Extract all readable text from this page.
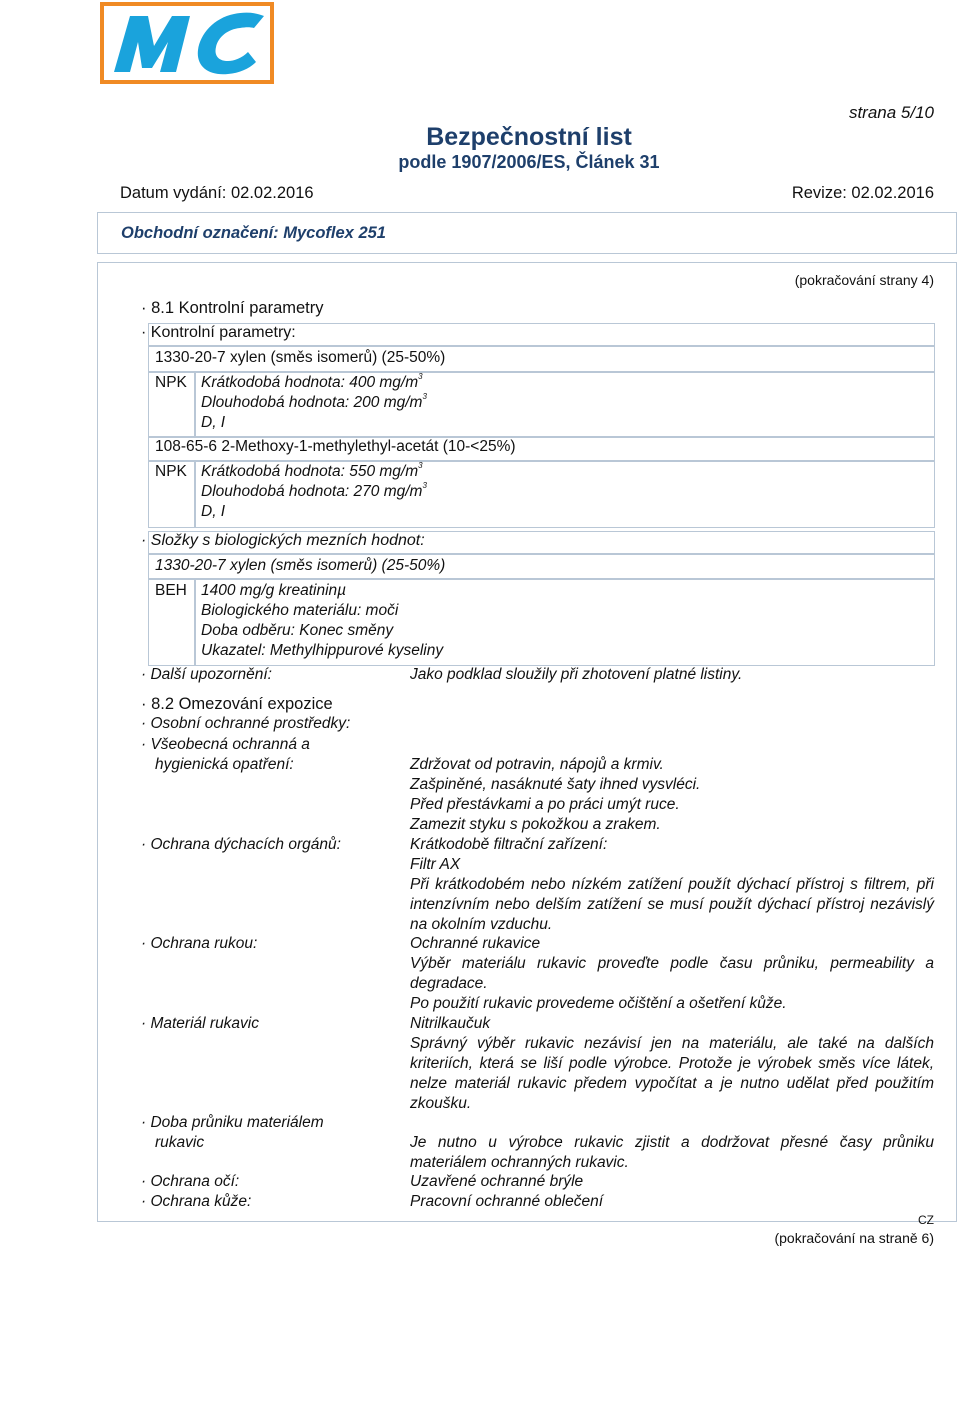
strana 5/10
Bezpečnostní list
podle 1907/2006/ES, Článek 31
Datum vydání: 02.02.2016	Revize: 02.02.2016
Obchodní označení: Mycoflex 251
(pokračování strany 4)
· 8.1 Kontrolní parametry
· Kontrolní parametry:
1330-20-7 xylen (směs isomerů) (25-50%)
NPK Krátkodobá hodnota: 400 $mg/m^3$
Dlouhodobá hodnota: 200 $mg/m^3$
D, I
108-65-6 2-Methoxy-1-methylethyl-acetát (10-<25%)
NPK Krátkodobá hodnota: 550 $mg/m^3$
Dlouhodobá hodnota: 270 $mg/m^3$
D, I
· Složky s biologických mezních hodnot:
1330-20-7 xylen (směs isomerů) (25-50%)
BEH 1400 mg/g kreatininµ
Biologického materiálu: moči
Doba odběru: Konec směny
Ukazatel: Methylhippurové kyseliny
· Další upozornění:	Jako podklad sloužily při zhotovení platné listiny.
· 8.2 Omezování expozice
· Osobní ochranné prostředky:
· Všeobecná ochranná a
hygienická opatření:	Zdržovat od potravin, nápojů a krmiv.
Zašpiněné, nasáknuté šaty ihned vysvléci.
Před přestávkami a po práci umýt ruce.
Zamezit styku s pokožkou a zrakem.
· Ochrana dýchacích orgánů:	Krátkodobě filtrační zařízení:
Filtr AX
Při krátkodobém nebo nízkém zatížení použít dýchací přístroj s filtrem, při intenzívním nebo delším zatížení se musí použít dýchací přístroj nezávislý na okolním vzduchu.
· Ochrana rukou:	Ochranné rukavice
Výběr materiálu rukavic proveďte podle času průniku, permeability a degradace.
Po použití rukavic provedeme očištění a ošetření kůže.
· Materiál rukavic	Nitrilkaučuk
Správný výběr rukavic nezávisí jen na materiálu, ale také na dalších kriteriích, která se liší podle výrobce. Protože je výrobek směs více látek, nelze materiál rukavic předem vypočítat a je nutno udělat před použitím zkoušku.
· Doba průniku materiálem
rukavic	Je nutno u výrobce rukavic zjistit a dodržovat přesné časy průniku materiálem ochranných rukavic.
· Ochrana očí:	Uzavřené ochranné brýle
· Ochrana kůže:	Pracovní ochranné oblečení
CZ
(pokračování na straně 6)
